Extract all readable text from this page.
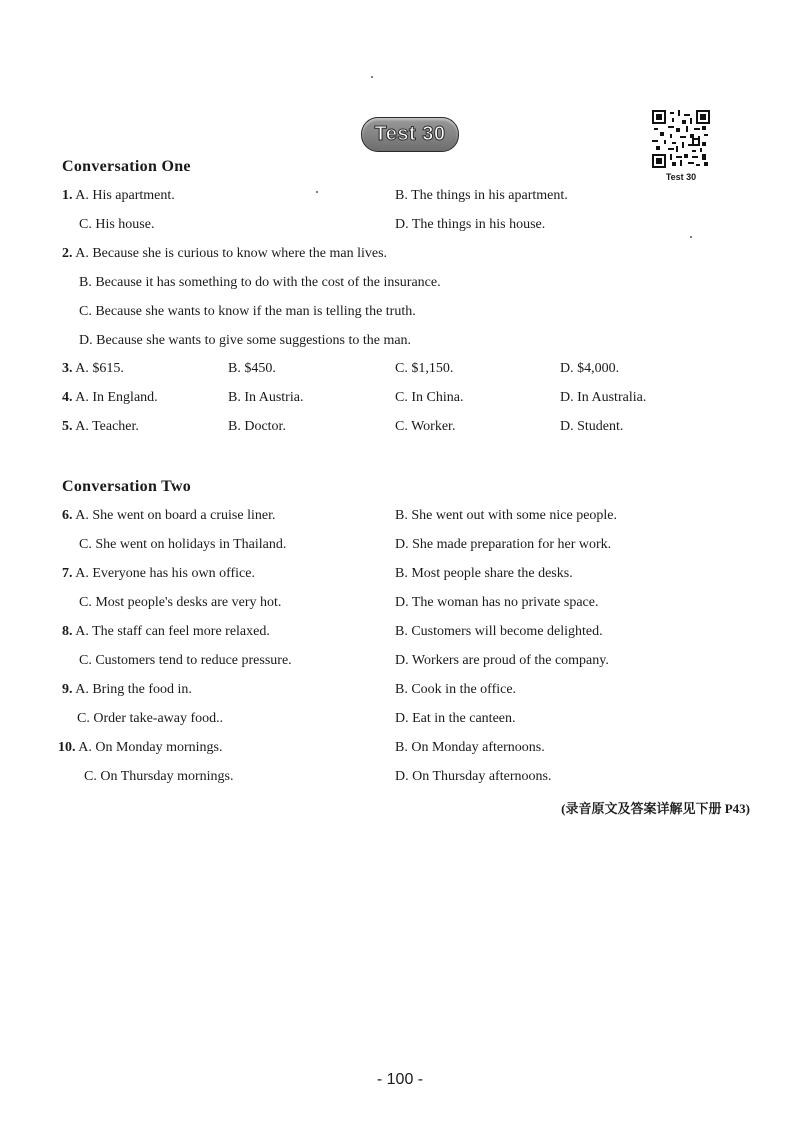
Test 30
Test 30
Conversation One
1. A. His apartment.	B. The things in his apartment.
C. His house.	D. The things in his house.
2. A. Because she is curious to know where the man lives.
B. Because it has something to do with the cost of the insurance.
C. Because she wants to know if the man is telling the truth.
D. Because she wants to give some suggestions to the man.
3. A. $615.	B. $450.	C. $1,150.	D. $4,000.
4. A. In England.	B. In Austria.	C. In China.	D. In Australia.
5. A. Teacher.	B. Doctor.	C. Worker.	D. Student.
Conversation Two
6. A. She went on board a cruise liner.	B. She went out with some nice people.
C. She went on holidays in Thailand.	D. She made preparation for her work.
7. A. Everyone has his own office.	B. Most people share the desks.
C. Most people's desks are very hot.	D. The woman has no private space.
8. A. The staff can feel more relaxed.	B. Customers will become delighted.
C. Customers tend to reduce pressure.	D. Workers are proud of the company.
9. A. Bring the food in.	B. Cook in the office.
C. Order take-away food..	D. Eat in the canteen.
10. A. On Monday mornings.	B. On Monday afternoons.
C. On Thursday mornings.	D. On Thursday afternoons.
(录音原文及答案详解见下册 P43)
- 100 -
